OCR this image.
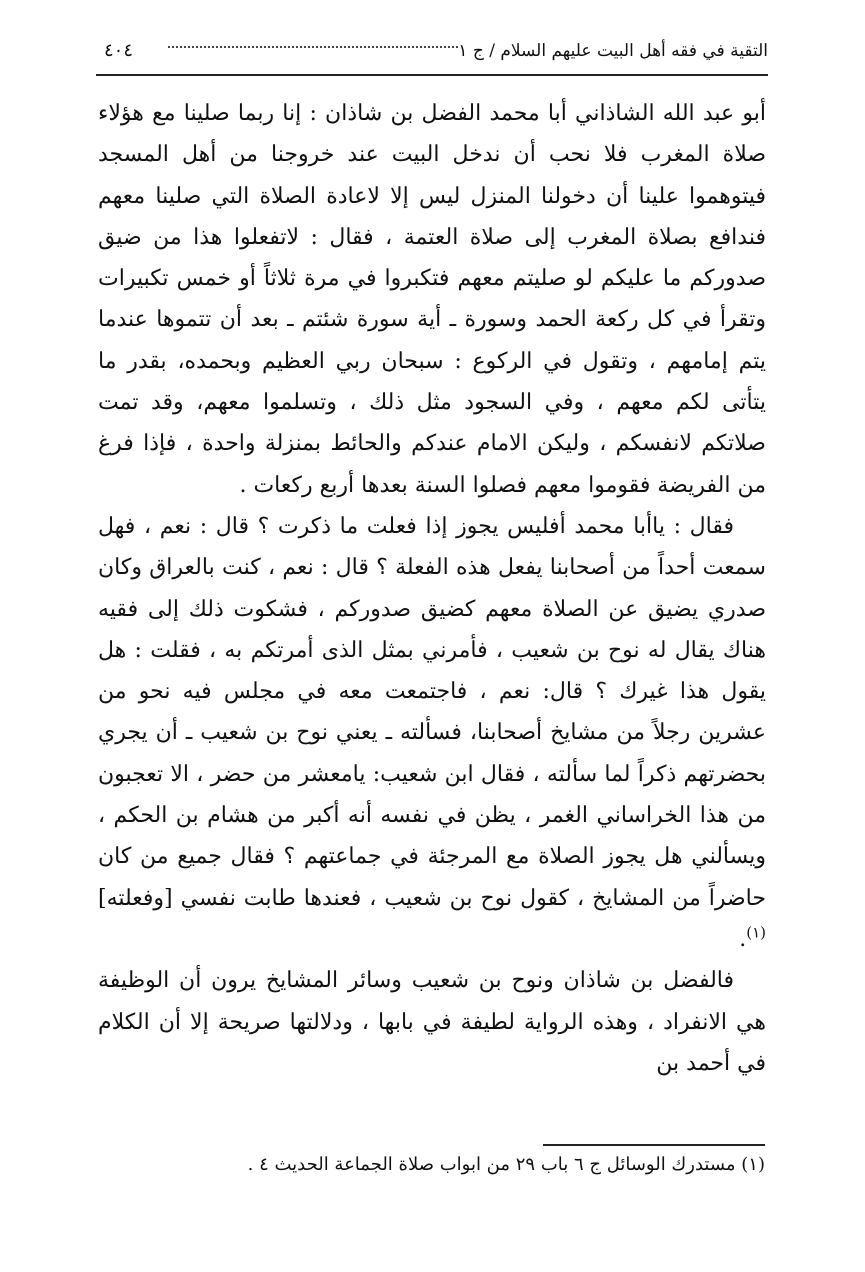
التقية في فقه أهل البيت عليهم السلام / ج ١
٤٠٤

أبو عبد الله الشاذاني أبا محمد الفضل بن شاذان : إنا ربما صلينا مع هؤلاء صلاة المغرب فلا نحب أن ندخل البيت عند خروجنا من أهل المسجد فيتوهموا علينا أن دخولنا المنزل ليس إلا لاعادة الصلاة التي صلينا معهم فندافع بصلاة المغرب إلى صلاة العتمة ، فقال : لاتفعلوا هذا من ضيق صدوركم ما عليكم لو صليتم معهم فتكبروا في مرة ثلاثاً أو خمس تكبيرات وتقرأ في كل ركعة الحمد وسورة ـ أية سورة شئتم ـ بعد أن تتموها عندما يتم إمامهم ، وتقول في الركوع : سبحان ربي العظيم وبحمده، بقدر ما يتأتى لكم معهم ، وفي السجود مثل ذلك ، وتسلموا معهم، وقد تمت صلاتكم لانفسكم ، وليكن الامام عندكم والحائط بمنزلة واحدة ، فإذا فرغ من الفريضة فقوموا معهم فصلوا السنة بعدها أربع ركعات .

فقال : ياأبا محمد أفليس يجوز إذا فعلت ما ذكرت ؟ قال : نعم ، فهل سمعت أحداً من أصحابنا يفعل هذه الفعلة ؟ قال : نعم ، كنت بالعراق وكان صدري يضيق عن الصلاة معهم كضيق صدوركم ، فشكوت ذلك إلى فقيه هناك يقال له نوح بن شعيب ، فأمرني بمثل الذى أمرتكم به ، فقلت : هل يقول هذا غيرك ؟ قال: نعم ، فاجتمعت معه في مجلس فيه نحو من عشرين رجلاً من مشايخ أصحابنا، فسألته ـ يعني نوح بن شعيب ـ أن يجري بحضرتهم ذكراً لما سألته ، فقال ابن شعيب: يامعشر من حضر ، الا تعجبون من هذا الخراساني الغمر ، يظن في نفسه أنه أكبر من هشام بن الحكم ، ويسألني هل يجوز الصلاة مع المرجئة في جماعتهم ؟ فقال جميع من كان حاضراً من المشايخ ، كقول نوح بن شعيب ، فعندها طابت نفسي [وفعلته]$^{(١)}$.

فالفضل بن شاذان ونوح بن شعيب وسائر المشايخ يرون أن الوظيفة هي الانفراد ، وهذه الرواية لطيفة في بابها ، ودلالتها صريحة إلا أن الكلام في أحمد بن

(١) مستدرك الوسائل ج ٦ باب ٢٩ من ابواب صلاة الجماعة الحديث ٤ .
